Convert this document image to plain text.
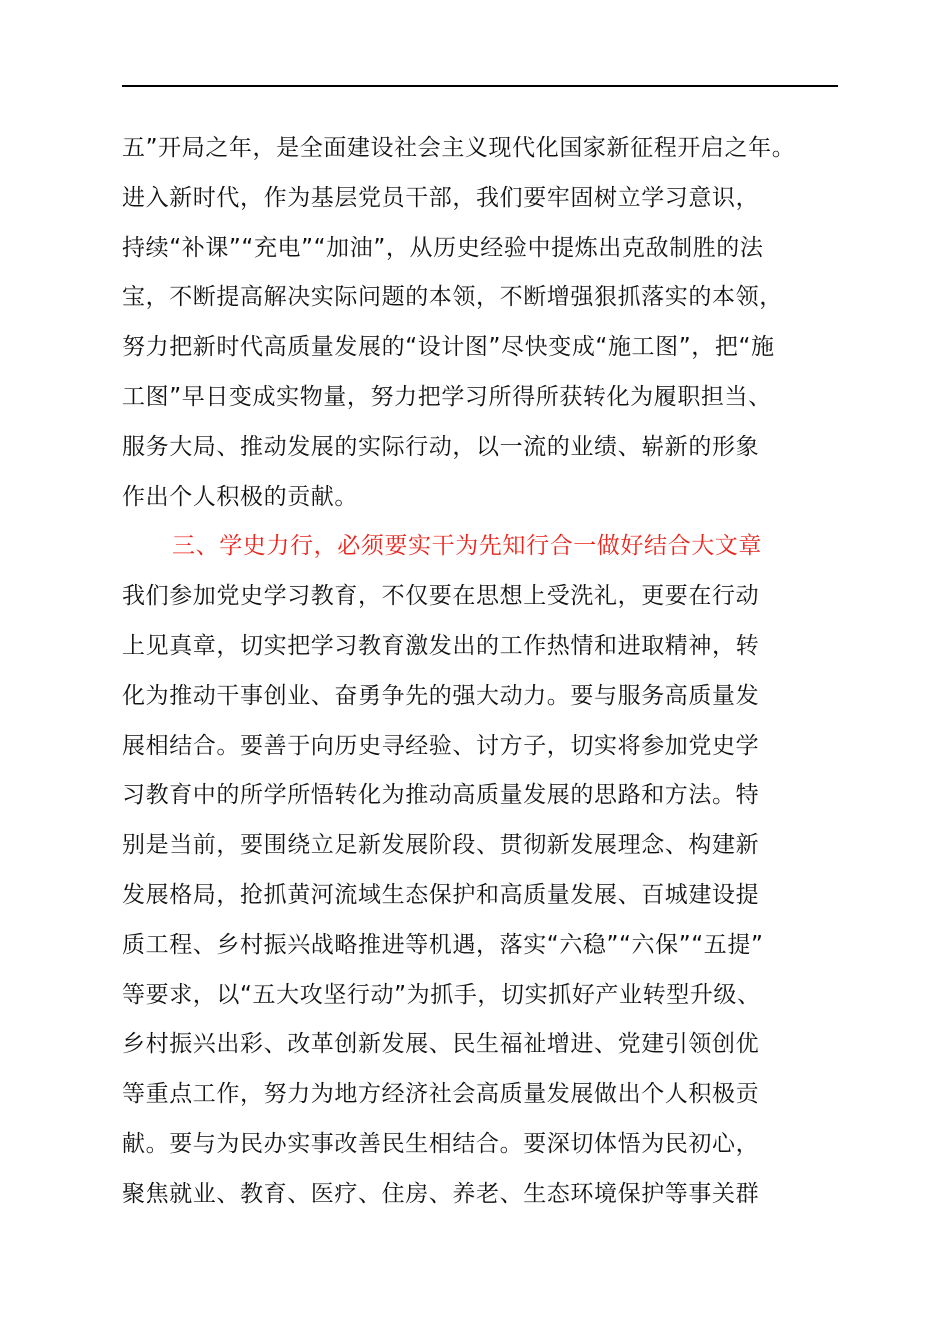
五”开局之年，是全面建设社会主义现代化国家新征程开启之年。
进入新时代，作为基层党员干部，我们要牢固树立学习意识，
持续“补课”“充电”“加油”，从历史经验中提炼出克敌制胜的法
宝，不断提高解决实际问题的本领，不断增强狠抓落实的本领，
努力把新时代高质量发展的“设计图”尽快变成“施工图”，把“施
工图”早日变成实物量，努力把学习所得所获转化为履职担当、
服务大局、推动发展的实际行动，以一流的业绩、崭新的形象
作出个人积极的贡献。
三、学史力行，必须要实干为先知行合一做好结合大文章
我们参加党史学习教育，不仅要在思想上受洗礼，更要在行动
上见真章，切实把学习教育激发出的工作热情和进取精神，转
化为推动干事创业、奋勇争先的强大动力。要与服务高质量发
展相结合。要善于向历史寻经验、讨方子，切实将参加党史学
习教育中的所学所悟转化为推动高质量发展的思路和方法。特
别是当前，要围绕立足新发展阶段、贯彻新发展理念、构建新
发展格局，抢抓黄河流域生态保护和高质量发展、百城建设提
质工程、乡村振兴战略推进等机遇，落实“六稳”“六保”“五提”
等要求，以“五大攻坚行动”为抓手，切实抓好产业转型升级、
乡村振兴出彩、改革创新发展、民生福祉增进、党建引领创优
等重点工作，努力为地方经济社会高质量发展做出个人积极贡
献。要与为民办实事改善民生相结合。要深切体悟为民初心，
聚焦就业、教育、医疗、住房、养老、生态环境保护等事关群
